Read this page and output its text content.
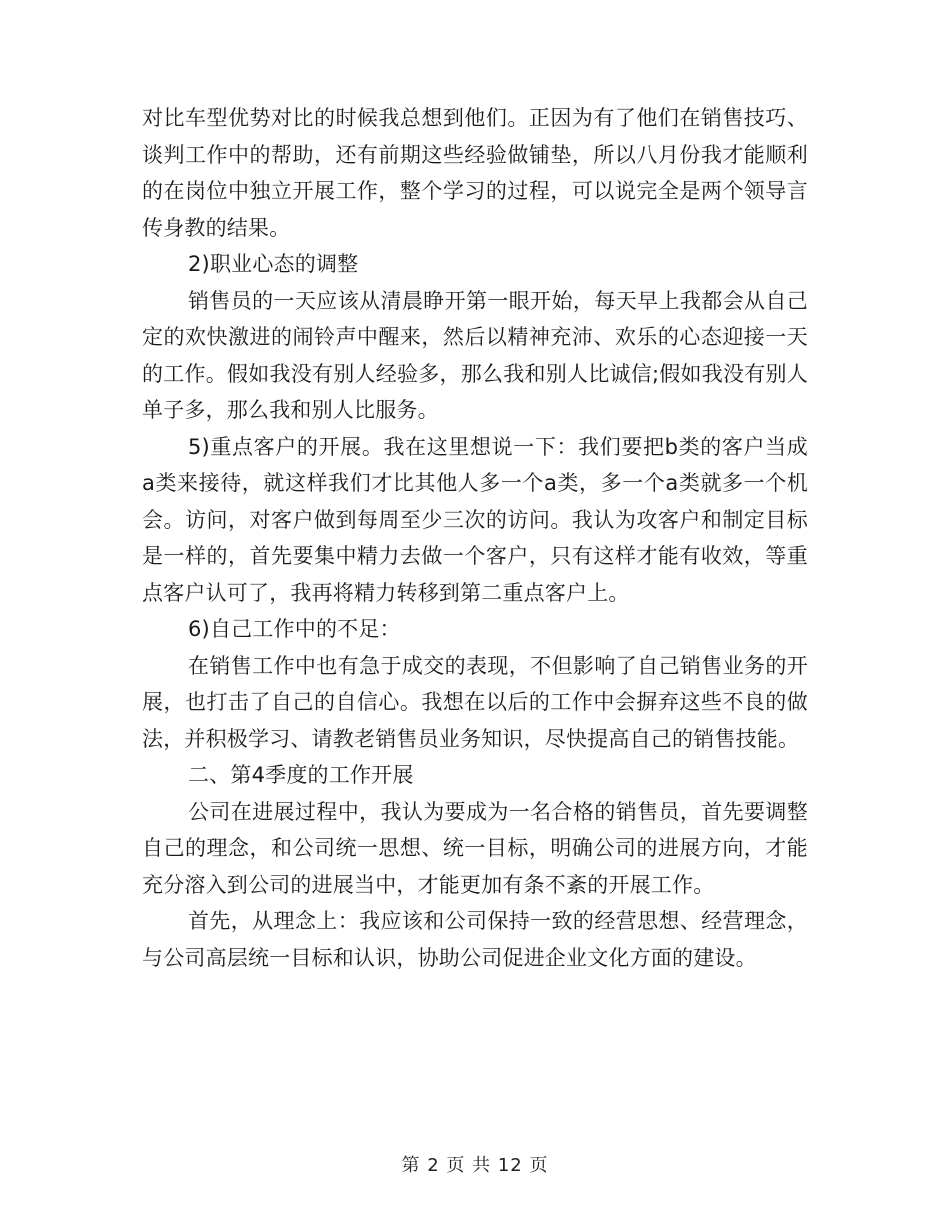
对比车型优势对比的时候我总想到他们。正因为有了他们在销售技巧、谈判工作中的帮助，还有前期这些经验做铺垫，所以八月份我才能顺利的在岗位中独立开展工作，整个学习的过程，可以说完全是两个领导言传身教的结果。

2)职业心态的调整

销售员的一天应该从清晨睁开第一眼开始，每天早上我都会从自己定的欢快激进的闹铃声中醒来，然后以精神充沛、欢乐的心态迎接一天的工作。假如我没有别人经验多，那么我和别人比诚信;假如我没有别人单子多，那么我和别人比服务。

5)重点客户的开展。我在这里想说一下：我们要把b类的客户当成a类来接待，就这样我们才比其他人多一个a类，多一个a类就多一个机会。访问，对客户做到每周至少三次的访问。我认为攻客户和制定目标是一样的，首先要集中精力去做一个客户，只有这样才能有收效，等重点客户认可了，我再将精力转移到第二重点客户上。

6)自己工作中的不足：

在销售工作中也有急于成交的表现，不但影响了自己销售业务的开展，也打击了自己的自信心。我想在以后的工作中会摒弃这些不良的做法，并积极学习、请教老销售员业务知识，尽快提高自己的销售技能。

二、第4季度的工作开展

公司在进展过程中，我认为要成为一名合格的销售员，首先要调整自己的理念，和公司统一思想、统一目标，明确公司的进展方向，才能充分溶入到公司的进展当中，才能更加有条不紊的开展工作。

首先，从理念上：我应该和公司保持一致的经营思想、经营理念，与公司高层统一目标和认识，协助公司促进企业文化方面的建设。

第 2 页 共 12 页
